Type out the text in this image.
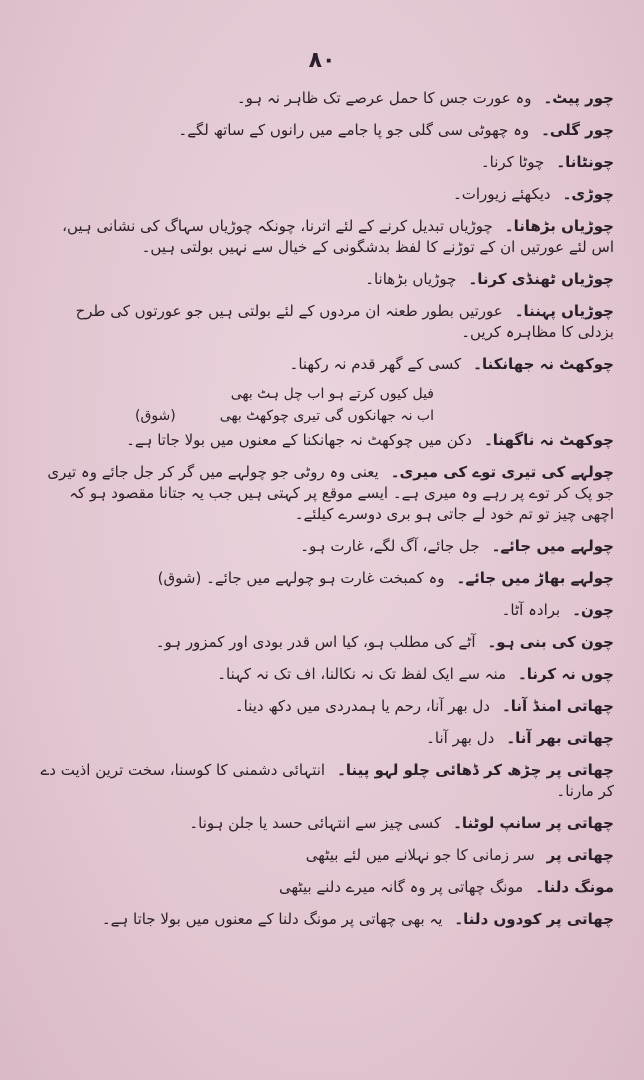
۸۰
چور پیٹ۔وہ عورت جس کا حمل عرصے تک ظاہر نہ ہو۔
چور گلی۔وہ چھوٹی سی گلی جو پا جامے میں رانوں کے ساتھ لگے۔
چونٹانا۔چوٹا کرنا۔
چوڑی۔دیکھئے زیورات۔
چوڑیاں بڑھانا۔چوڑیاں تبدیل کرنے کے لئے اترنا، چونکہ چوڑیاں سہاگ کی نشانی ہیں، اس لئے عورتیں ان کے توڑنے کا لفظ بدشگونی کے خیال سے نہیں بولتی ہیں۔
چوڑیاں ٹھنڈی کرنا۔چوڑیاں بڑھانا۔
چوڑیاں پہننا۔عورتیں بطور طعنہ ان مردوں کے لئے بولتی ہیں جو عورتوں کی طرح بزدلی کا مظاہرہ کریں۔
چوکھٹ نہ جھانکنا۔کسی کے گھر قدم نہ رکھنا۔
فیل کیوں کرتے ہو اب چل ہٹ بھی
اب نہ جھانکوں گی تیری چوکھٹ بھی
(شوق)
چوکھٹ نہ ناگھنا۔دکن میں چوکھٹ نہ جھانکنا کے معنوں میں بولا جاتا ہے۔
چولہے کی تیری توے کی میری۔یعنی وہ روٹی جو چولہے میں گر کر جل جائے وہ تیری جو پک کر توے پر رہے وہ میری ہے۔ ایسے موقع پر کہتی ہیں جب یہ جتانا مقصود ہو کہ اچھی چیز تو تم خود لے جاتی ہو بری دوسرے کیلئے۔
چولہے میں جائے۔جل جائے، آگ لگے، غارت ہو۔
چولہے بھاڑ میں جائے۔وہ کمبخت غارت ہو چولہے میں جائے۔ (شوق)
چون۔برادہ آٹا۔
چون کی بنی ہو۔آٹے کی مطلب ہو، کیا اس قدر بودی اور کمزور ہو۔
چوں نہ کرنا۔منہ سے ایک لفظ تک نہ نکالنا، اف تک نہ کہنا۔
چھاتی امنڈ آنا۔دل بھر آنا، رحم یا ہمدردی میں دکھ دینا۔
چھاتی بھر آنا۔دل بھر آنا۔
چھاتی پر چڑھ کر ڈھائی چلو لہو پینا۔انتہائی دشمنی کا کوسنا، سخت ترین اذیت دے کر مارنا۔
چھاتی پر سانپ لوٹنا۔کسی چیز سے انتہائی حسد یا جلن ہونا۔
چھاتی پرسر زمانی کا جو نہلانے میں لئے بیٹھی
مونگ دلنا۔مونگ چھاتی پر وہ گانہ میرے دلنے بیٹھی
چھاتی پر کودوں دلنا۔یہ بھی چھاتی پر مونگ دلنا کے معنوں میں بولا جاتا ہے۔
